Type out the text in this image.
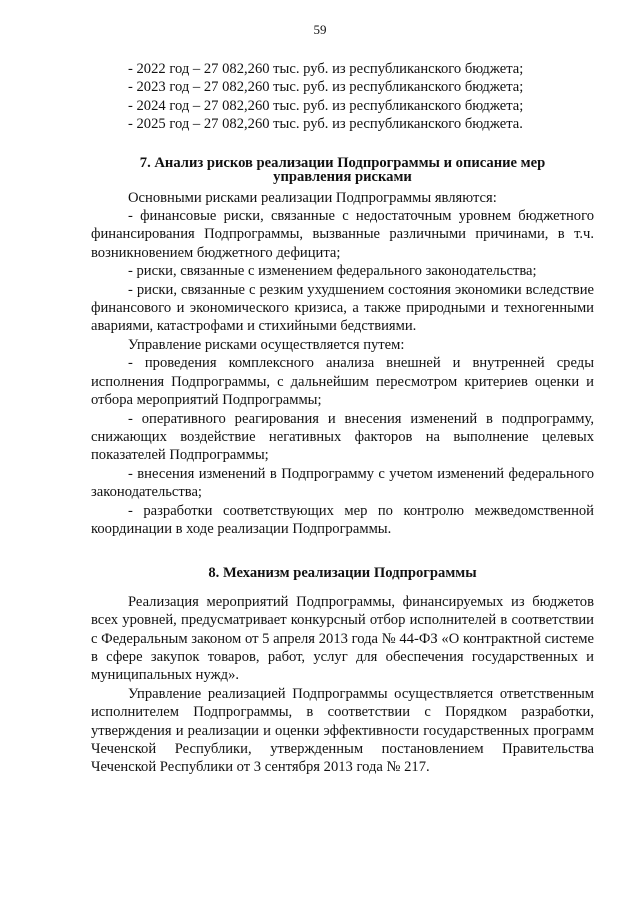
59

- 2022 год – 27 082,260 тыс. руб. из республиканского бюджета;

- 2023 год – 27 082,260 тыс. руб. из республиканского бюджета;

- 2024 год – 27 082,260 тыс. руб. из республиканского бюджета;

- 2025 год – 27 082,260 тыс. руб. из республиканского бюджета.

7. Анализ рисков реализации Подпрограммы и описание мер
управления рисками

Основными рисками реализации Подпрограммы являются:

- финансовые риски, связанные с недостаточным уровнем бюджетного финансирования Подпрограммы, вызванные различными причинами, в т.ч. возникновением бюджетного дефицита;

- риски, связанные с изменением федерального законодательства;

- риски, связанные с резким ухудшением состояния экономики вследствие финансового и экономического кризиса, а также природными и техногенными авариями, катастрофами и стихийными бедствиями.

Управление рисками осуществляется путем:

- проведения комплексного анализа внешней и внутренней среды исполнения Подпрограммы, с дальнейшим пересмотром критериев оценки и отбора мероприятий Подпрограммы;

- оперативного реагирования и внесения изменений в подпрограмму, снижающих воздействие негативных факторов на выполнение целевых показателей Подпрограммы;

- внесения изменений в Подпрограмму с учетом изменений федерального законодательства;

- разработки соответствующих мер по контролю межведомственной координации в ходе реализации Подпрограммы.

8. Механизм реализации Подпрограммы

Реализация мероприятий Подпрограммы, финансируемых из бюджетов всех уровней, предусматривает конкурсный отбор исполнителей в соответствии с Федеральным законом от 5 апреля 2013 года № 44-ФЗ «О контрактной системе в сфере закупок товаров, работ, услуг для обеспечения государственных и муниципальных нужд».

Управление реализацией Подпрограммы осуществляется ответственным исполнителем Подпрограммы, в соответствии с Порядком разработки, утверждения и реализации и оценки эффективности государственных программ Чеченской Республики, утвержденным постановлением Правительства Чеченской Республики от 3 сентября 2013 года № 217.
